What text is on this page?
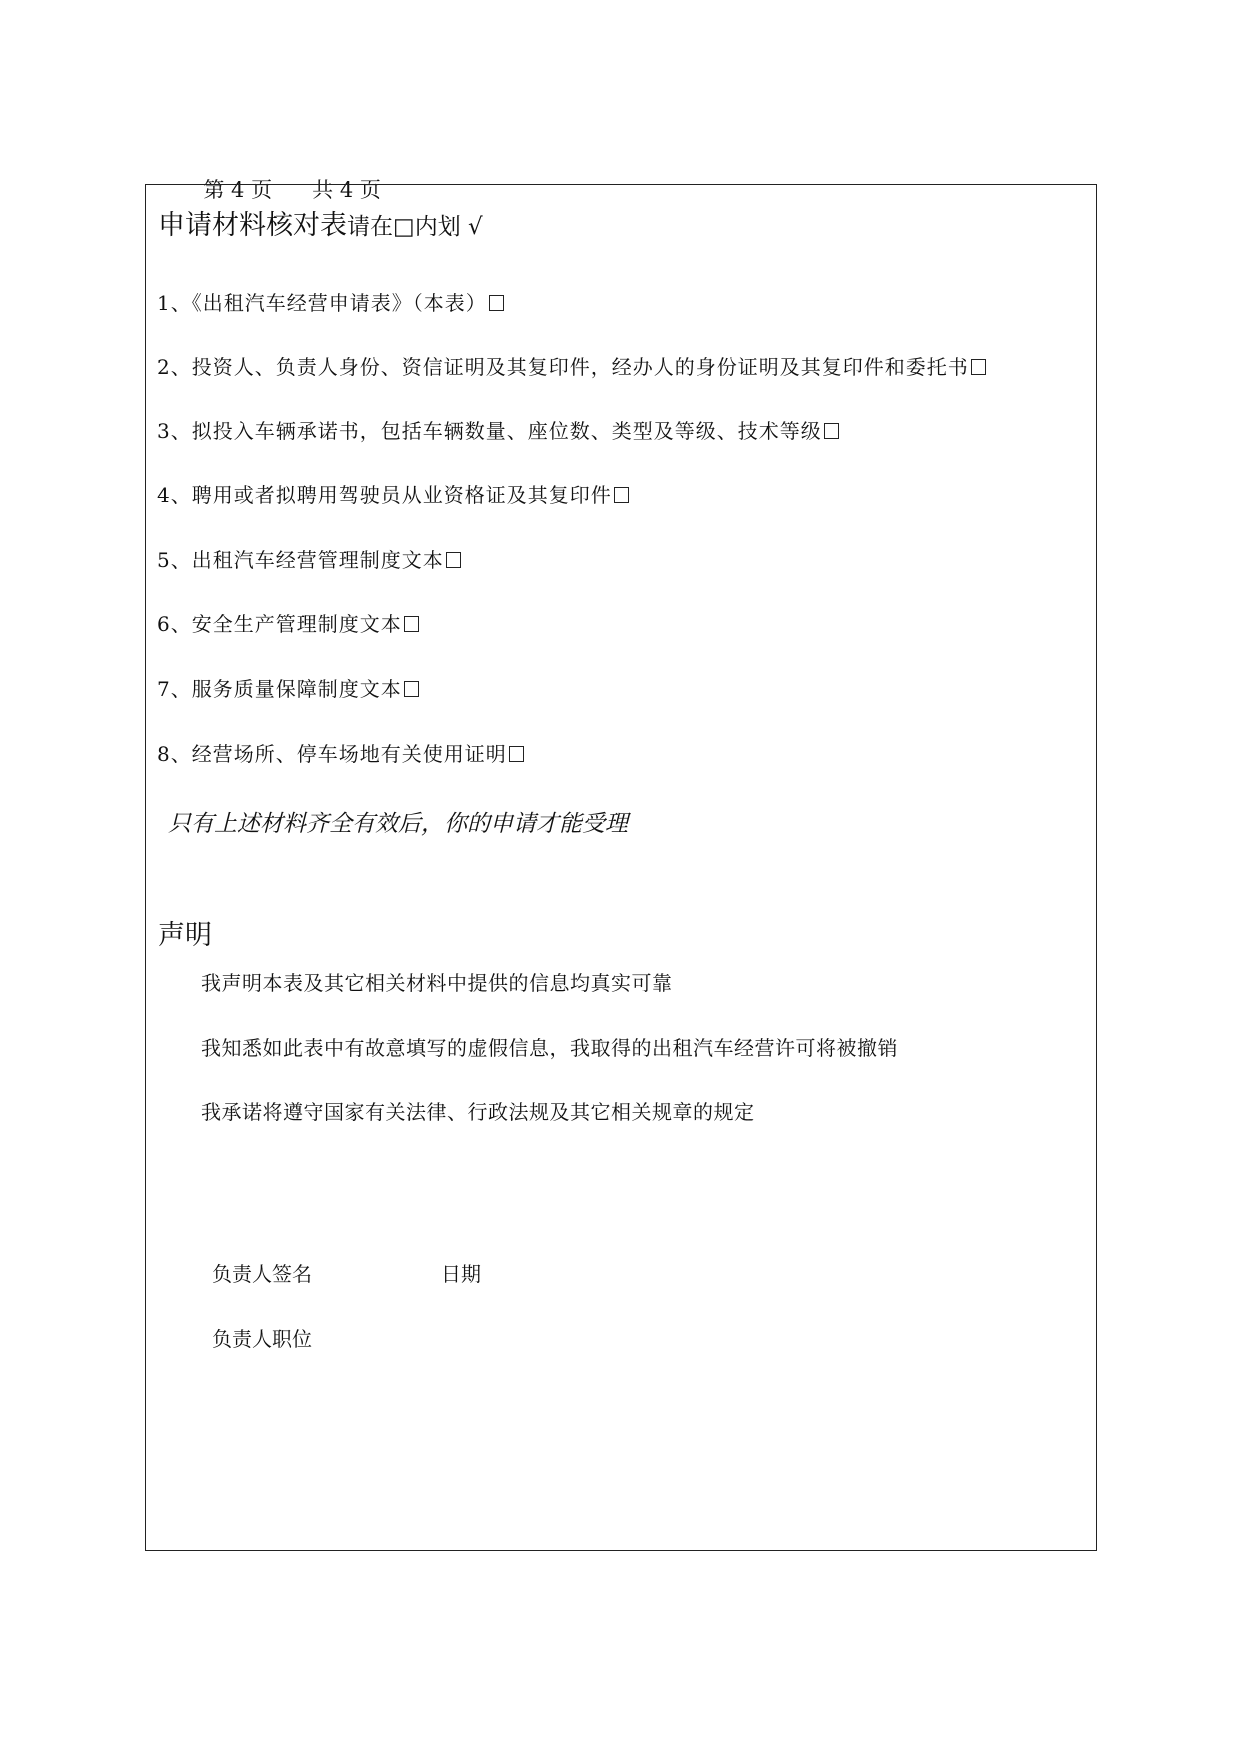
第 4 页 共 4 页

申请材料核对表请在□内划 √
1、《出租汽车经营申请表》（本表）
2、投资人、负责人身份、资信证明及其复印件，经办人的身份证明及其复印件和委托书
3、拟投入车辆承诺书，包括车辆数量、座位数、类型及等级、技术等级
4、聘用或者拟聘用驾驶员从业资格证及其复印件
5、出租汽车经营管理制度文本
6、安全生产管理制度文本
7、服务质量保障制度文本
8、经营场所、停车场地有关使用证明
只有上述材料齐全有效后，你的申请才能受理
声明
我声明本表及其它相关材料中提供的信息均真实可靠
我知悉如此表中有故意填写的虚假信息，我取得的出租汽车经营许可将被撤销
我承诺将遵守国家有关法律、行政法规及其它相关规章的规定
负责人签名	日期
负责人职位
